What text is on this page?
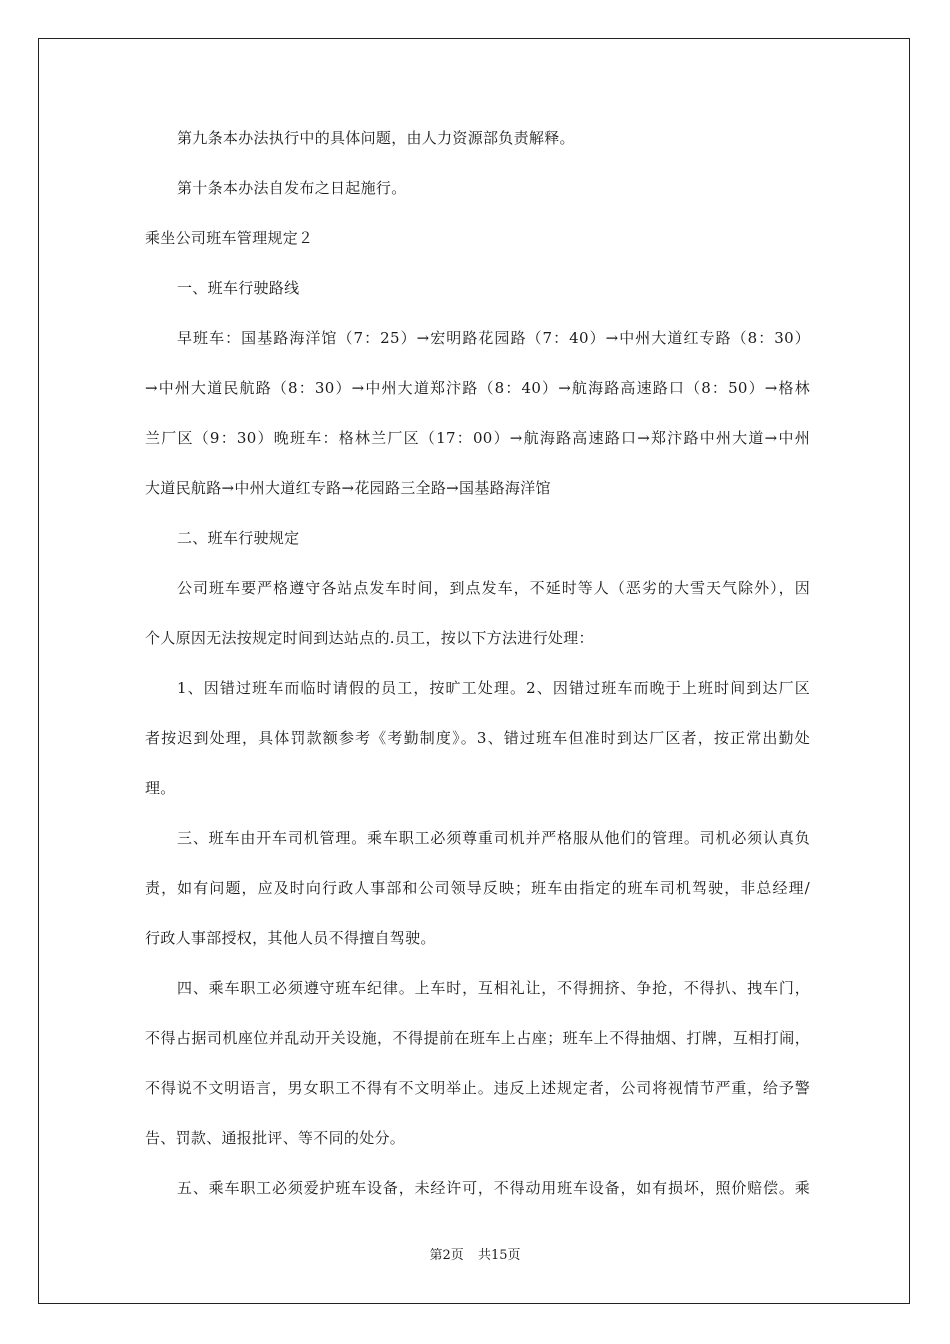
第九条本办法执行中的具体问题，由人力资源部负责解释。
第十条本办法自发布之日起施行。
乘坐公司班车管理规定２
一、班车行驶路线
早班车：国基路海洋馆（7：25）→宏明路花园路（7：40）→中州大道红专路（8：30）
→中州大道民航路（8：30）→中州大道郑汴路（8：40）→航海路高速路口（8：50）→格林
兰厂区（9：30）晚班车：格林兰厂区（17：00）→航海路高速路口→郑汴路中州大道→中州
大道民航路→中州大道红专路→花园路三全路→国基路海洋馆
二、班车行驶规定
公司班车要严格遵守各站点发车时间，到点发车，不延时等人（恶劣的大雪天气除外），因
个人原因无法按规定时间到达站点的.员工，按以下方法进行处理：
1、因错过班车而临时请假的员工，按旷工处理。2、因错过班车而晚于上班时间到达厂区
者按迟到处理，具体罚款额参考《考勤制度》。3、错过班车但准时到达厂区者，按正常出勤处
理。
三、班车由开车司机管理。乘车职工必须尊重司机并严格服从他们的管理。司机必须认真负
责，如有问题，应及时向行政人事部和公司领导反映；班车由指定的班车司机驾驶，非总经理/
行政人事部授权，其他人员不得擅自驾驶。
四、乘车职工必须遵守班车纪律。上车时，互相礼让，不得拥挤、争抢，不得扒、拽车门，
不得占据司机座位并乱动开关设施，不得提前在班车上占座；班车上不得抽烟、打牌，互相打闹，
不得说不文明语言，男女职工不得有不文明举止。违反上述规定者，公司将视情节严重，给予警
告、罚款、通报批评、等不同的处分。
五、乘车职工必须爱护班车设备，未经许可，不得动用班车设备，如有损坏，照价赔偿。乘
第2页 共15页
